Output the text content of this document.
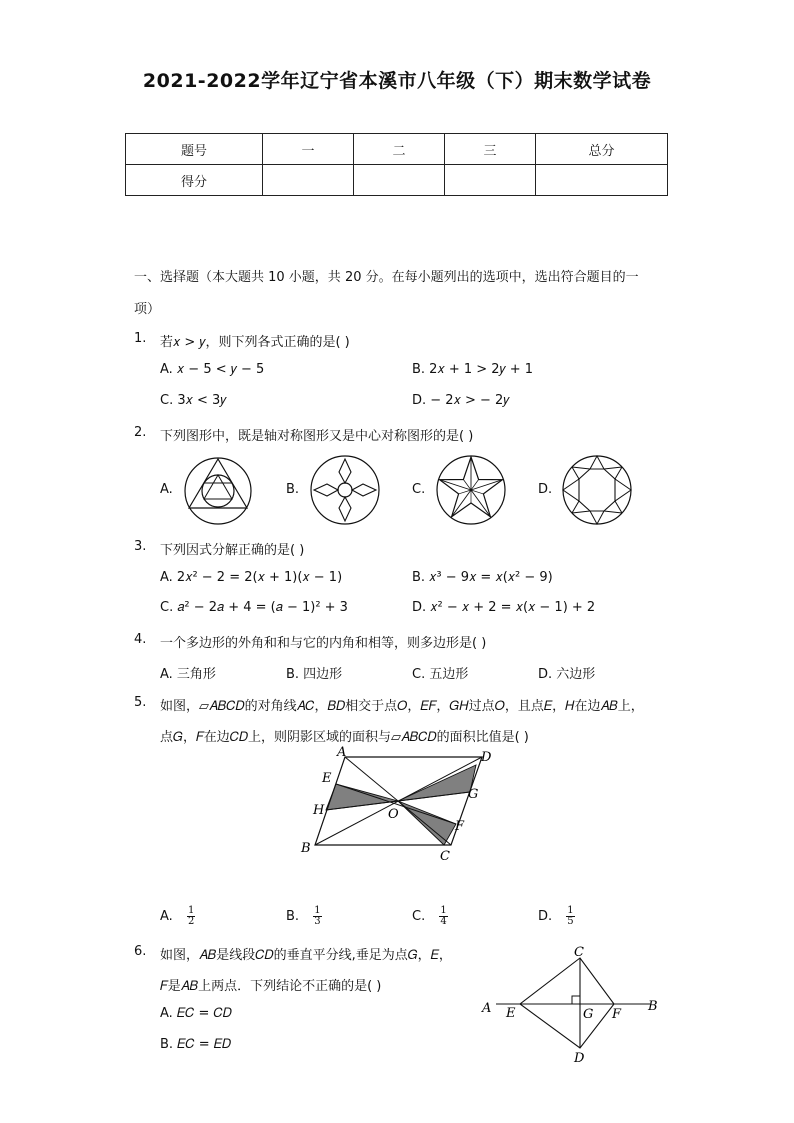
2021-2022学年辽宁省本溪市八年级（下）期末数学试卷
题号	一	二	三	总分
得分				
一、选择题（本大题共 10 小题，共 20 分。在每小题列出的选项中，选出符合题目的一
项）
1. 若𝑥 > 𝑦，则下列各式正确的是( )
A. 𝑥 − 5 < 𝑦 − 5	B. 2𝑥 + 1 > 2𝑦 + 1
C. 3𝑥 < 3𝑦	D. − 2𝑥 > − 2𝑦
2. 下列图形中，既是轴对称图形又是中心对称图形的是( )
A.	B.	C.	D.
3. 下列因式分解正确的是( )
A. 2𝑥² − 2 = 2(𝑥 + 1)(𝑥 − 1)	B. 𝑥³ − 9𝑥 = 𝑥(𝑥² − 9)
C. 𝑎² − 2𝑎 + 4 = (𝑎 − 1)² + 3	D. 𝑥² − 𝑥 + 2 = 𝑥(𝑥 − 1) + 2
4. 一个多边形的外角和和与它的内角和相等，则多边形是( )
A. 三角形	B. 四边形	C. 五边形	D. 六边形
5. 如图，▱𝐴𝐵𝐶𝐷的对角线𝐴𝐶，𝐵𝐷相交于点𝑂，𝐸𝐹，𝐺𝐻过点𝑂，且点𝐸，𝐻在边𝐴𝐵上，
点𝐺，𝐹在边𝐶𝐷上，则阴影区域的面积与▱𝐴𝐵𝐶𝐷的面积比值是( )
A	D
E
G
H	O
F
B
C
A. $\frac{1}{2}$	B. $\frac{1}{3}$	C. $\frac{1}{4}$	D. $\frac{1}{5}$
6. 如图，𝐴𝐵是线段𝐶𝐷的垂直平分线,垂足为点𝐺，𝐸，
𝐹是𝐴𝐵上两点．下列结论不正确的是( )
A. 𝐸𝐶 = 𝐶𝐷
B. 𝐸𝐶 = 𝐸𝐷
A	B
C
D
E	G F
